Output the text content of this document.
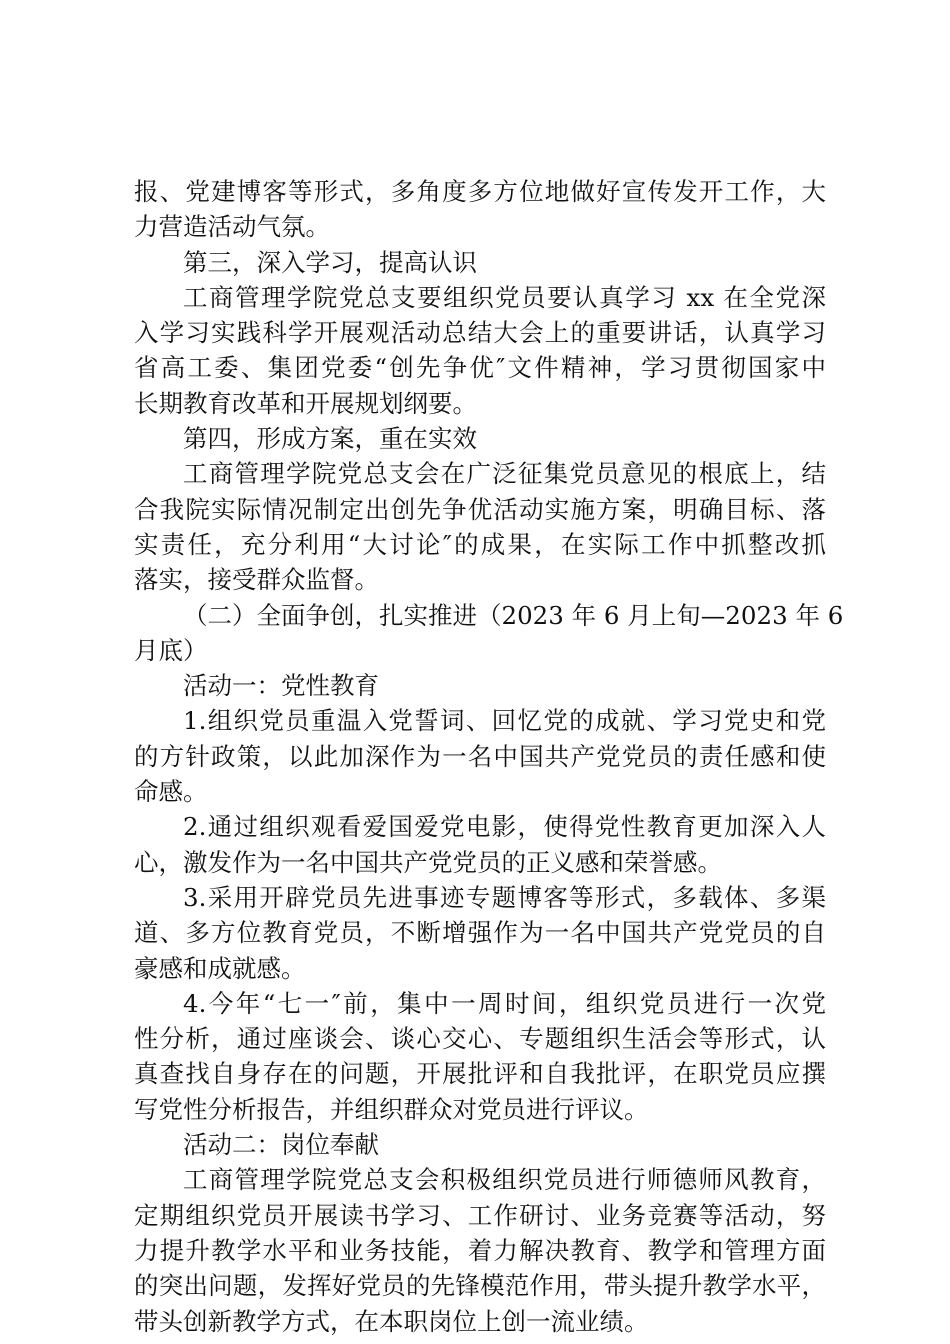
报、党建博客等形式，多角度多方位地做好宣传发开工作，大
力营造活动气氛。
第三，深入学习，提高认识
工商管理学院党总支要组织党员要认真学习 xx 在全党深
入学习实践科学开展观活动总结大会上的重要讲话，认真学习
省高工委、集团党委“创先争优″文件精神，学习贯彻国家中
长期教育改革和开展规划纲要。
第四，形成方案，重在实效
工商管理学院党总支会在广泛征集党员意见的根底上，结
合我院实际情况制定出创先争优活动实施方案，明确目标、落
实责任，充分利用“大讨论″的成果，在实际工作中抓整改抓
落实，接受群众监督。
（二）全面争创，扎实推进（2023 年 6 月上旬—2023 年 6
月底）
活动一：党性教育
1.组织党员重温入党誓词、回忆党的成就、学习党史和党
的方针政策，以此加深作为一名中国共产党党员的责任感和使
命感。
2.通过组织观看爱国爱党电影，使得党性教育更加深入人
心，激发作为一名中国共产党党员的正义感和荣誉感。
3.采用开辟党员先进事迹专题博客等形式，多载体、多渠
道、多方位教育党员，不断增强作为一名中国共产党党员的自
豪感和成就感。
4.今年“七一″前，集中一周时间，组织党员进行一次党
性分析，通过座谈会、谈心交心、专题组织生活会等形式，认
真查找自身存在的问题，开展批评和自我批评，在职党员应撰
写党性分析报告，并组织群众对党员进行评议。
活动二：岗位奉献
工商管理学院党总支会积极组织党员进行师德师风教育，
定期组织党员开展读书学习、工作研讨、业务竞赛等活动，努
力提升教学水平和业务技能，着力解决教育、教学和管理方面
的突出问题，发挥好党员的先锋模范作用，带头提升教学水平，
带头创新教学方式，在本职岗位上创一流业绩。
